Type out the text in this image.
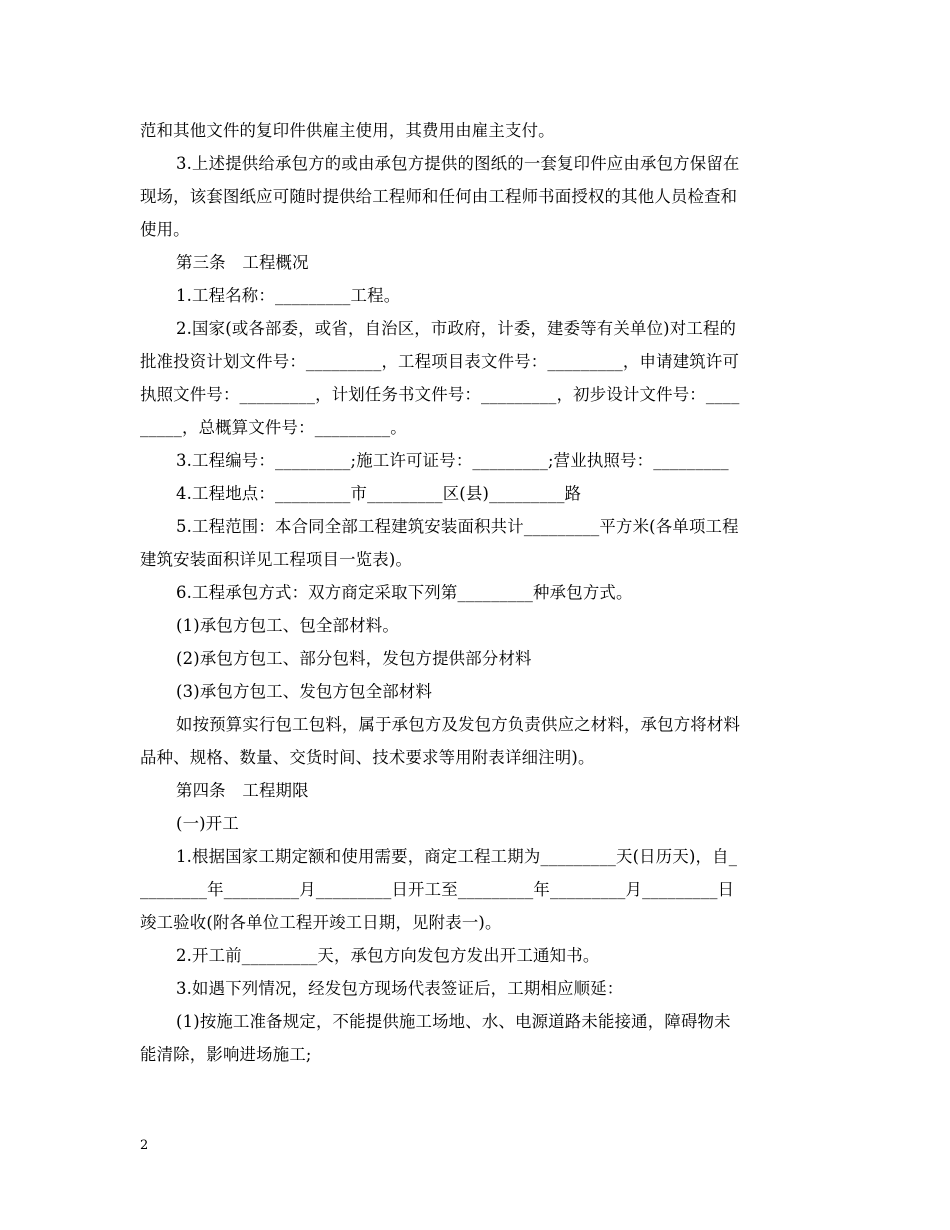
范和其他文件的复印件供雇主使用，其费用由雇主支付。
3.上述提供给承包方的或由承包方提供的图纸的一套复印件应由承包方保留在
现场，该套图纸应可随时提供给工程师和任何由工程师书面授权的其他人员检查和
使用。
第三条　工程概况
1.工程名称：_________工程。
2.国家(或各部委，或省，自治区，市政府，计委，建委等有关单位)对工程的
批准投资计划文件号：_________，工程项目表文件号：_________，申请建筑许可
执照文件号：_________，计划任务书文件号：_________，初步设计文件号：____
_____，总概算文件号：_________。
3.工程编号：_________;施工许可证号：_________;营业执照号：_________
4.工程地点：_________市_________区(县)_________路
5.工程范围：本合同全部工程建筑安装面积共计_________平方米(各单项工程
建筑安装面积详见工程项目一览表)。
6.工程承包方式：双方商定采取下列第_________种承包方式。
(1)承包方包工、包全部材料。
(2)承包方包工、部分包料，发包方提供部分材料
(3)承包方包工、发包方包全部材料
如按预算实行包工包料，属于承包方及发包方负责供应之材料，承包方将材料
品种、规格、数量、交货时间、技术要求等用附表详细注明)。
第四条　工程期限
(一)开工
1.根据国家工期定额和使用需要，商定工程工期为_________天(日历天)，自_
________年_________月_________日开工至_________年_________月_________日
竣工验收(附各单位工程开竣工日期，见附表一)。
2.开工前_________天，承包方向发包方发出开工通知书。
3.如遇下列情况，经发包方现场代表签证后，工期相应顺延：
(1)按施工准备规定，不能提供施工场地、水、电源道路未能接通，障碍物未
能清除，影响进场施工;
2
